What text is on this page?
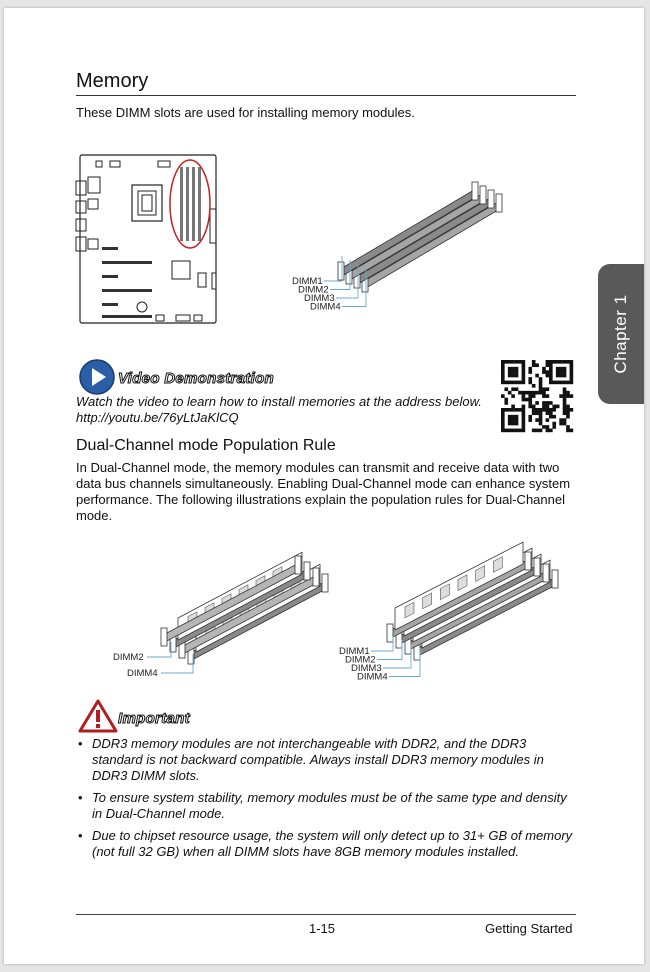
Memory
These DIMM slots are used for installing memory modules.
DIMM1
DIMM2
DIMM3
DIMM4	Chapter 1
Video Demonstration
Watch the video to learn how to install memories at the address below.
http://youtu.be/76yLtJaKlCQ
Dual-Channel mode Population Rule
In Dual-Channel mode, the memory modules can transmit and receive data with two data bus channels simultaneously. Enabling Dual-Channel mode can enhance system performance. The following illustrations explain the population rules for Dual-Channel mode.
DIMM2
DIMM4
DIMM1
DIMM2
DIMM3
DIMM4
Important
• DDR3 memory modules are not interchangeable with DDR2, and the DDR3 standard is not backward compatible. Always install DDR3 memory modules in DDR3 DIMM slots.
• To ensure system stability, memory modules must be of the same type and density in Dual-Channel mode.
• Due to chipset resource usage, the system will only detect up to 31+ GB of memory (not full 32 GB) when all DIMM slots have 8GB memory modules installed.
1-15	Getting Started
